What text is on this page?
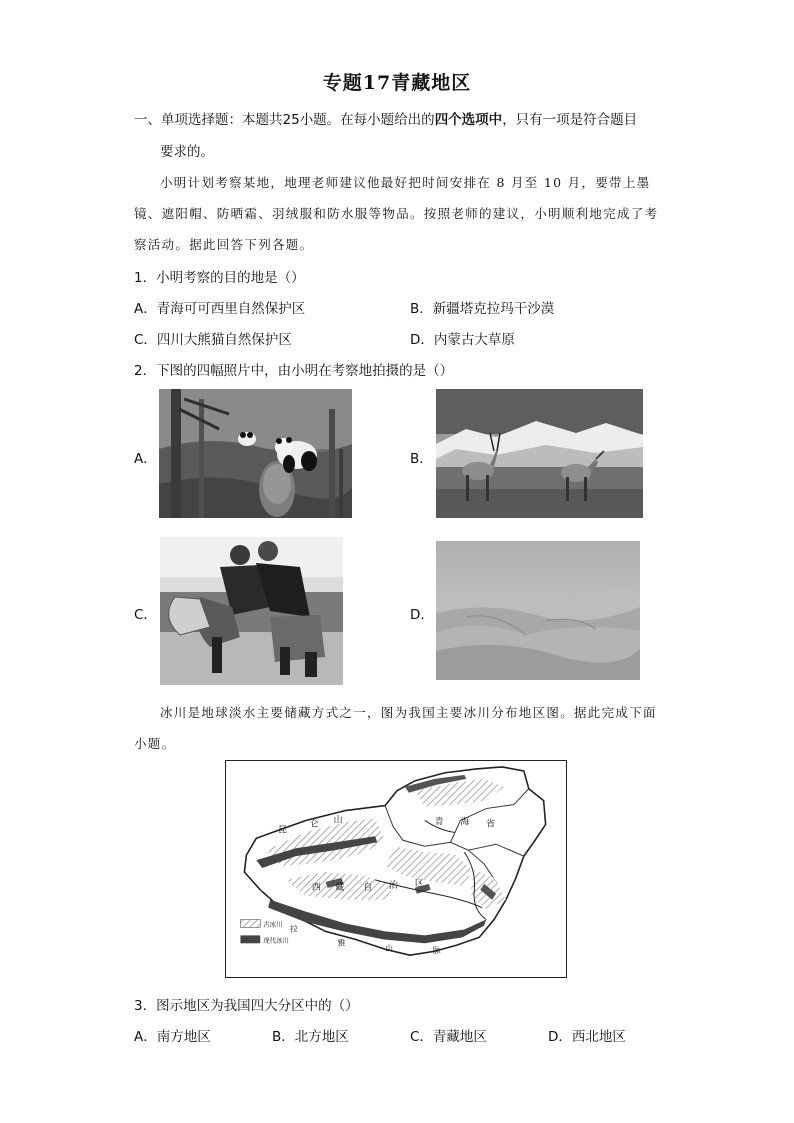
专题17青藏地区
一、单项选择题：本题共25小题。在每小题给出的四个选项中，只有一项是符合题目
要求的。
小明计划考察某地，地理老师建议他最好把时间安排在 8 月至 10 月，要带上墨
镜、遮阳帽、防晒霜、羽绒服和防水服等物品。按照老师的建议，小明顺利地完成了考
察活动。据此回答下列各题。
1．小明考察的目的地是（）
A．青海可可西里自然保护区	B．新疆塔克拉玛干沙漠
C．四川大熊猫自然保护区	D．内蒙古大草原
2．下图的四幅照片中，由小明在考察地拍摄的是（）
A．	B．
C．	D．
冰川是地球淡水主要储藏方式之一，图为我国主要冰川分布地区图。据此完成下面
小题。
昆
仑 山	青 海 省
西 藏 自 治 区
马
拉
雅
山	脉
古冰川
现代冰川
3．图示地区为我国四大分区中的（）
A．南方地区	B．北方地区	C．青藏地区	D．西北地区
